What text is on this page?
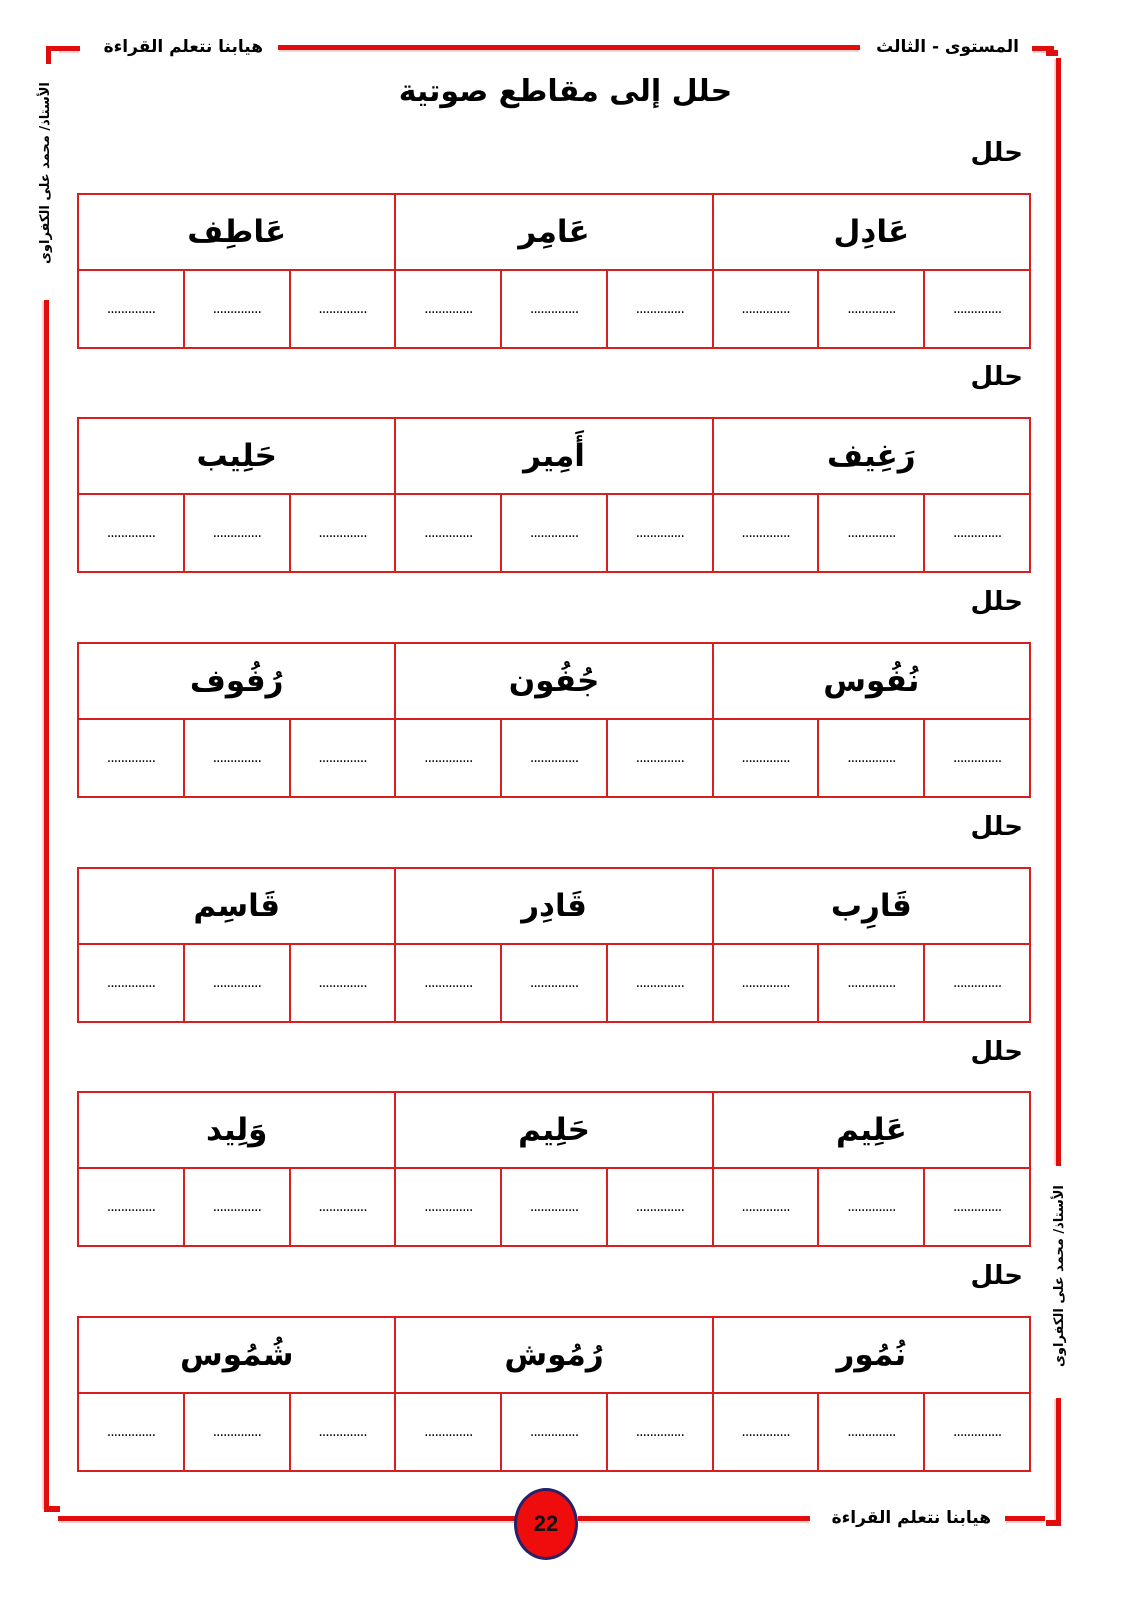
هيابنا نتعلم القراءة	المستوى - الثالث
الأستاذ/ محمد على الكفراوى
الأستاذ/ محمد على الكفراوى
22	هيابنا نتعلم القراءة
حلل إلى مقاطع صوتية
حلل
عَادِل			عَامِر			عَاطِف		
..............	..............	..............	..............	..............	..............	..............	..............	..............
حلل
رَغِيف			أَمِير			حَلِيب		
..............	..............	..............	..............	..............	..............	..............	..............	..............
حلل
نُفُوس			جُفُون			رُفُوف		
..............	..............	..............	..............	..............	..............	..............	..............	..............
حلل
قَارِب			قَادِر			قَاسِم		
..............	..............	..............	..............	..............	..............	..............	..............	..............
حلل
عَلِيم			حَلِيم			وَلِيد		
..............	..............	..............	..............	..............	..............	..............	..............	..............
حلل
نُمُور			رُمُوش			شُمُوس		
..............	..............	..............	..............	..............	..............	..............	..............	..............
